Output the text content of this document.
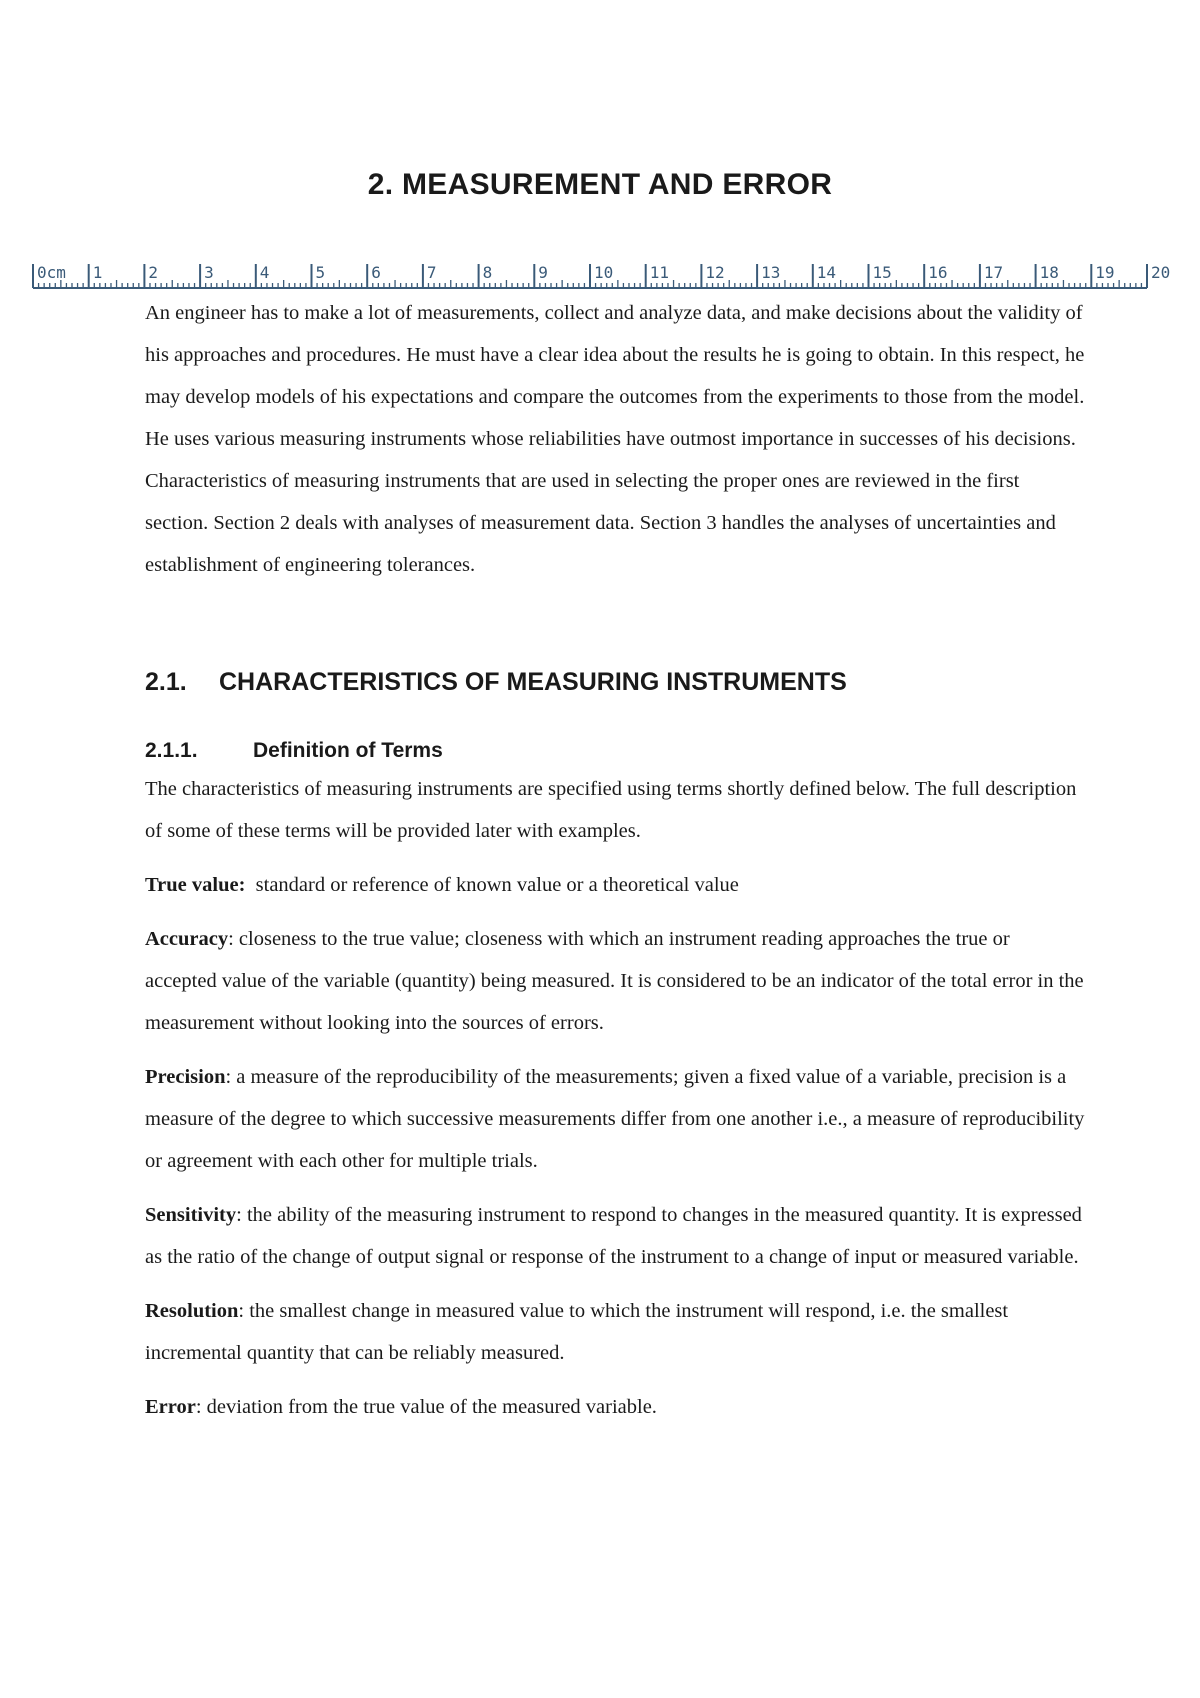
2. MEASUREMENT AND ERROR
0cm 1	2	3	4	5	6	7	8	9	10 11 12 13 14 15 16 17 18 19 20

An engineer has to make a lot of measurements, collect and analyze data, and make decisions about the validity of his approaches and procedures. He must have a clear idea about the results he is going to obtain. In this respect, he may develop models of his expectations and compare the outcomes from the experiments to those from the model. He uses various measuring instruments whose reliabilities have outmost importance in successes of his decisions. Characteristics of measuring instruments that are used in selecting the proper ones are reviewed in the first section. Section 2 deals with analyses of measurement data. Section 3 handles the analyses of uncertainties and establishment of engineering tolerances.

2.1. CHARACTERISTICS OF MEASURING INSTRUMENTS
2.1.1.	Definition of Terms

The characteristics of measuring instruments are specified using terms shortly defined below. The full description of some of these terms will be provided later with examples.

True value:  standard or reference of known value or a theoretical value

Accuracy: closeness to the true value; closeness with which an instrument reading approaches the true or accepted value of the variable (quantity) being measured. It is considered to be an indicator of the total error in the measurement without looking into the sources of errors.

Precision: a measure of the reproducibility of the measurements; given a fixed value of a variable, precision is a measure of the degree to which successive measurements differ from one another i.e., a measure of reproducibility or agreement with each other for multiple trials.

Sensitivity: the ability of the measuring instrument to respond to changes in the measured quantity. It is expressed as the ratio of the change of output signal or response of the instrument to a change of input or measured variable.

Resolution: the smallest change in measured value to which the instrument will respond, i.e. the smallest incremental quantity that can be reliably measured.

Error: deviation from the true value of the measured variable.
